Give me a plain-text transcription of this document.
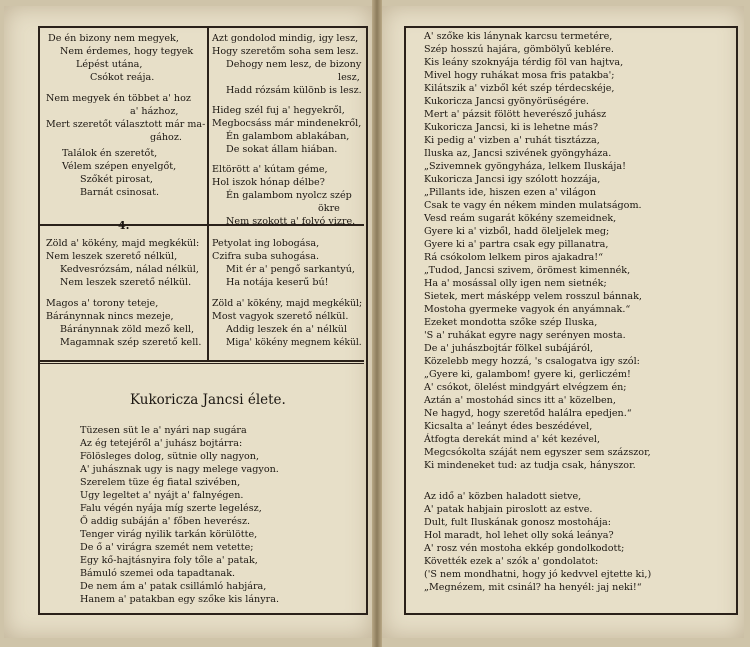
De én bizony nem megyek,
Nem érdemes, hogy tegyek
Lépést utána,
Csókot reája.
Nem megyek én többet a' hoz
a' házhoz,
Mert szeretőt választott már ma-
gához.
Találok én szeretőt,
Vélem szépen enyelgőt,
Szőkét pirosat,
Barnát csinosat.
Azt gondolod mindig, igy lesz,
Hogy szeretőm soha sem lesz.
Dehogy nem lesz, de bizony
lesz,
Hadd rózsám különb is lesz.
Hideg szél fuj a' hegyekről,
Megbocsáss már mindenekről,
Én galambom ablakában,
De sokat állam hiában.
Eltörött a' kútam géme,
Hol iszok hónap délbe?
Én galambom nyolcz szép
ökre
Nem szokott a' folyó vizre.
4.
Zöld a' kökény, majd megkékül:
Nem leszek szerető nélkül,
Kedvesrózsám, nálad nélkül,
Nem leszek szerető nélkül.
Magos a' torony teteje,
Báránynnak nincs mezeje,
Báránynnak zöld mező kell,
Magamnak szép szerető kell.
Petyolat ing lobogása,
Czifra suba suhogása.
Mit ér a' pengő sarkantyú,
Ha notája keserű bú!
Zöld a' kökény, majd megkékül;
Most vagyok szerető nélkül.
Addig leszek én a' nélkül
Miga' kökény megnem kékül.
Kukoricza Jancsi élete.
Tüzesen süt le a' nyári nap sugára
Az ég tetejéről a' juhász bojtárra:
Fölösleges dolog, sütnie olly nagyon,
A' juhásznak ugy is nagy melege vagyon.
Szerelem tüze ég fiatal szivében,
Ugy legeltet a' nyájt a' falnyégen.
Falu végén nyája míg szerte legelész,
Ő addig subáján a' főben heverész.
Tenger virág nyilik tarkán körülötte,
De ő a' virágra szemét nem vetette;
Egy kő-hajtásnyira foly tőle a' patak,
Bámuló szemei oda tapadtanak.
De nem ám a' patak csillámló habjára,
Hanem a' patakban egy szőke kis lányra.
A' szőke kis lánynak karcsu termetére,
Szép hosszú hajára, gömbölyű keblére.
Kis leány szoknyája térdig föl van hajtva,
Mivel hogy ruhákat mosa fris patakba';
Kilátszik a' vizből két szép térdecskéje,
Kukoricza Jancsi gyönyörüségére.
Mert a' pázsit fölött heverésző juhász
Kukoricza Jancsi, ki is lehetne más?
Ki pedig a' vizben a' ruhát tisztázza,
Iluska az, Jancsi szivének gyöngyháza.
„Szivemnek gyöngyháza, lelkem Iluskája!
Kukoricza Jancsi igy szólott hozzája,
„Pillants ide, hiszen ezen a' világon
Csak te vagy én nékem minden mulatságom.
Vesd reám sugarát kökény szemeidnek,
Gyere ki a' vizből, hadd öleljelek meg;
Gyere ki a' partra csak egy pillanatra,
Rá csókolom lelkem piros ajakadra!“
„Tudod, Jancsi szivem, örömest kimennék,
Ha a' mosással olly igen nem sietnék;
Sietek, mert másképp velem rosszul bánnak,
Mostoha gyermeke vagyok én anyámnak.“
Ezeket mondotta szőke szép Iluska,
'S a' ruhákat egyre nagy serényen mosta.
De a' juhászbojtár fölkel subájáról,
Közelebb megy hozzá, 's csalogatva igy szól:
„Gyere ki, galambom! gyere ki, gerliczém!
A' csókot, ölelést mindgyárt elvégzem én;
Aztán a' mostohád sincs itt a' közelben,
Ne hagyd, hogy szeretőd halálra epedjen.“
Kicsalta a' leányt édes beszédével,
Átfogta derekát mind a' két kezével,
Megcsókolta száját nem egyszer sem százszor,
Ki mindeneket tud: az tudja csak, hányszor.
Az idő a' közben haladott sietve,
A' patak habjain piroslott az estve.
Dult, fult Iluskának gonosz mostohája:
Hol maradt, hol lehet olly soká leánya?
A' rosz vén mostoha ekkép gondolkodott;
Követték ezek a' szók a' gondolatot:
('S nem mondhatni, hogy jó kedvvel ejtette ki,)
„Megnézem, mit csinál? ha henyél: jaj neki!“
